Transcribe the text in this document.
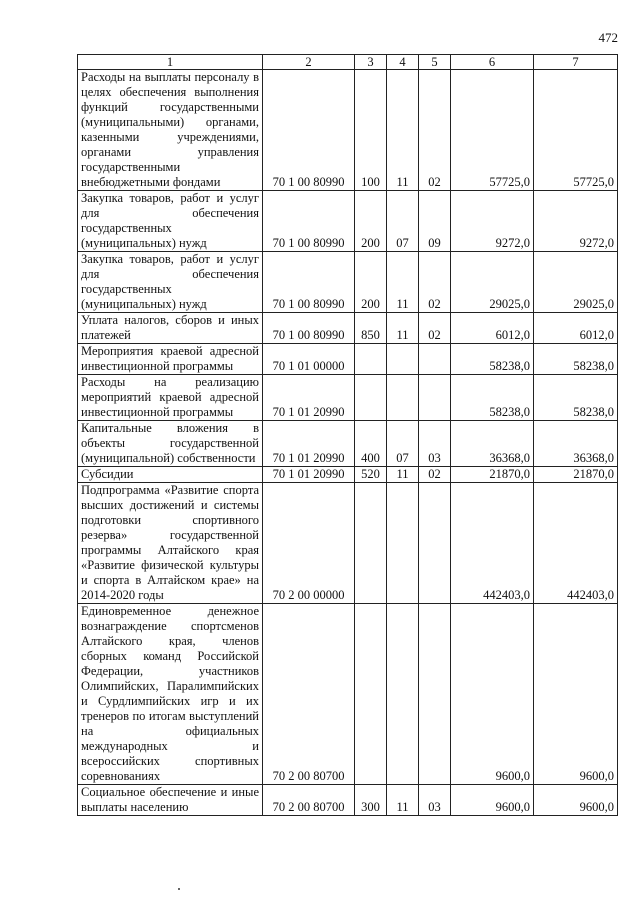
472
1	2	3	4	5	6	7
Расходы на выплаты персоналу в целях обеспечения выполнения функций государственными (муниципальными) органами, казенными учреждениями, органами управления государственными внебюджетными фондами	70 1 00 80990	100	11	02	57725,0	57725,0
Закупка товаров, работ и услуг для обеспечения государственных (муниципальных) нужд	70 1 00 80990	200	07	09	9272,0	9272,0
Закупка товаров, работ и услуг для обеспечения государственных (муниципальных) нужд	70 1 00 80990	200	11	02	29025,0	29025,0
Уплата налогов, сборов и иных платежей	70 1 00 80990	850	11	02	6012,0	6012,0
Мероприятия краевой адресной инвестиционной программы	70 1 01 00000				58238,0	58238,0
Расходы на реализацию мероприятий краевой адресной инвестиционной программы	70 1 01 20990				58238,0	58238,0
Капитальные вложения в объекты государственной (муниципальной) собственности	70 1 01 20990	400	07	03	36368,0	36368,0
Субсидии	70 1 01 20990	520	11	02	21870,0	21870,0
Подпрограмма «Развитие спорта высших достижений и системы подготовки спортивного резерва» государственной программы Алтайского края «Развитие физической культуры и спорта в Алтайском крае» на 2014-2020 годы	70 2 00 00000				442403,0	442403,0
Единовременное денежное вознаграждение спортсменов Алтайского края, членов сборных команд Российской Федерации, участников Олимпийских, Паралимпийских и Сурдлимпийских игр и их тренеров по итогам выступлений на официальных международных и всероссийских спортивных соревнованиях	70 2 00 80700				9600,0	9600,0
Социальное обеспечение и иные выплаты населению	70 2 00 80700	300	11	03	9600,0	9600,0
